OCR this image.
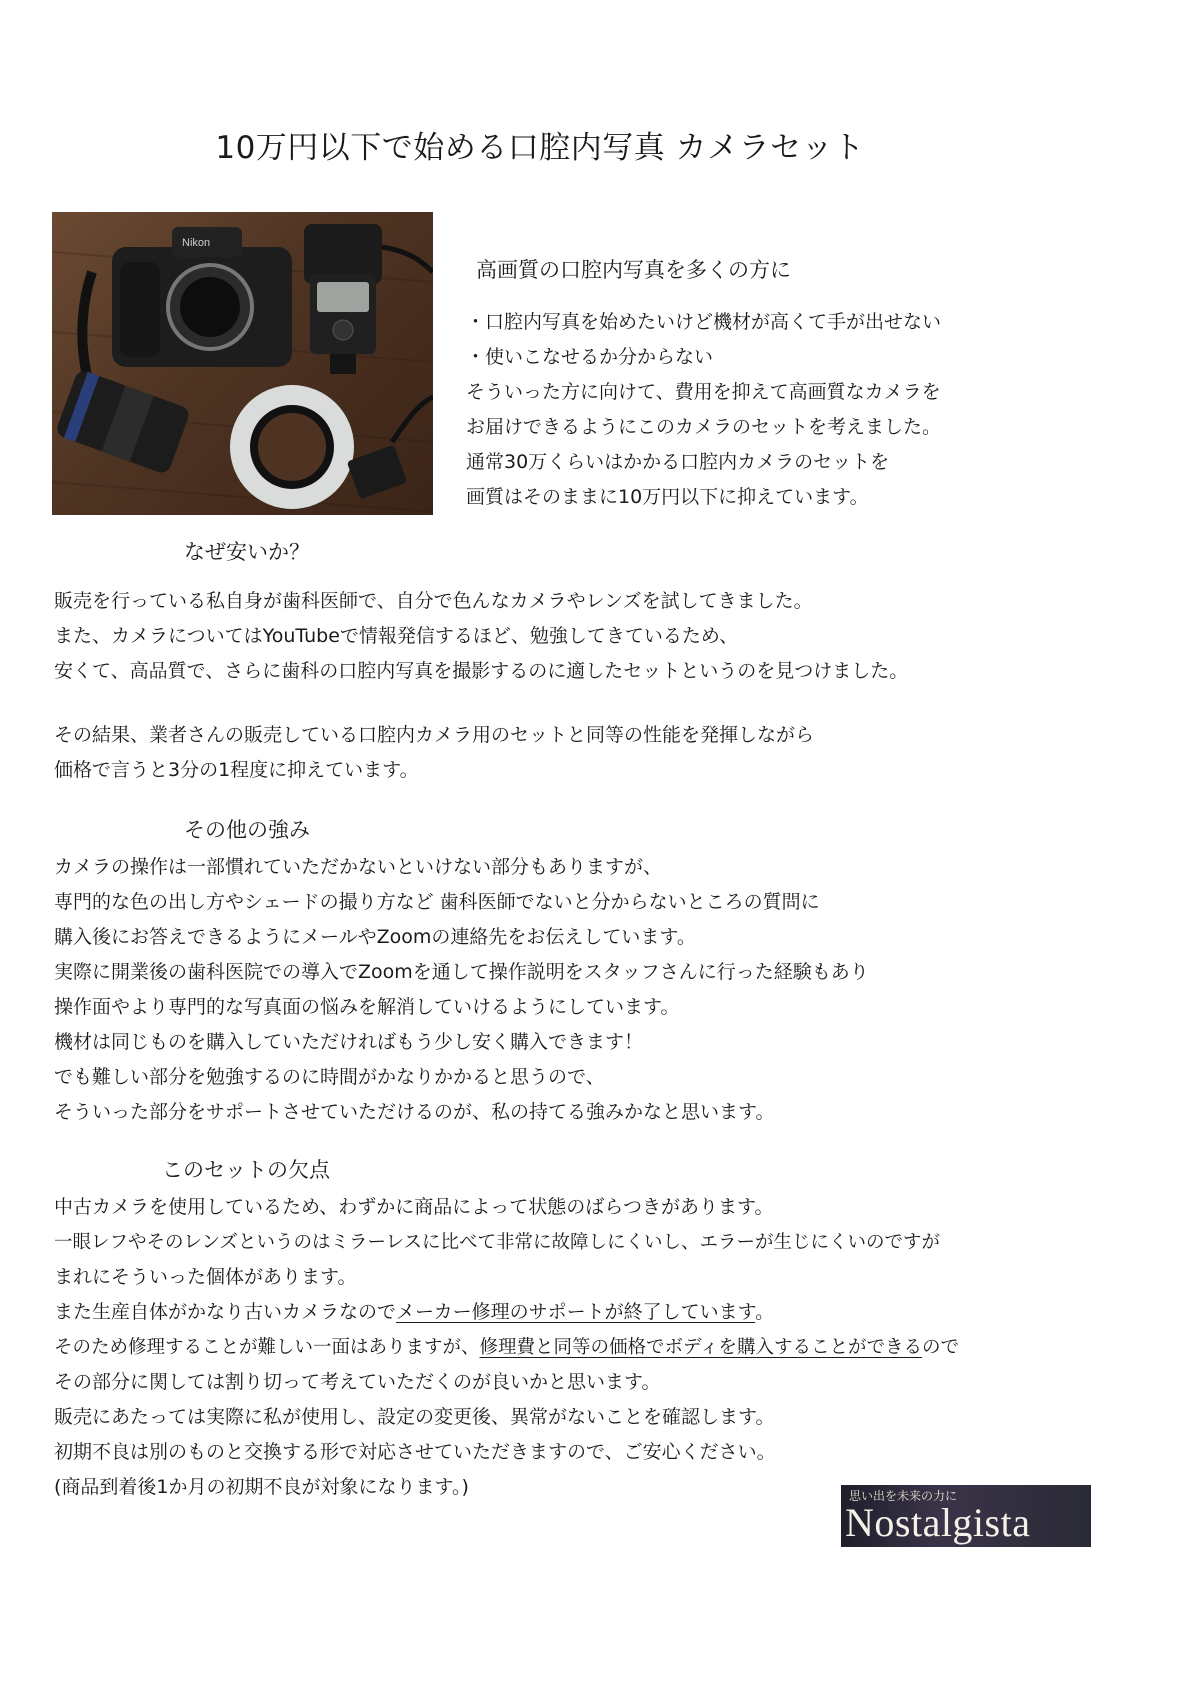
10万円以下で始める口腔内写真 カメラセット
Nikon
高画質の口腔内写真を多くの方に
・口腔内写真を始めたいけど機材が高くて手が出せない
・使いこなせるか分からない
そういった方に向けて、費用を抑えて高画質なカメラを
お届けできるようにこのカメラのセットを考えました。
通常30万くらいはかかる口腔内カメラのセットを
画質はそのままに10万円以下に抑えています。
なぜ安いか？
販売を行っている私自身が歯科医師で、自分で色んなカメラやレンズを試してきました。
また、カメラについてはYouTubeで情報発信するほど、勉強してきているため、
安くて、高品質で、さらに歯科の口腔内写真を撮影するのに適したセットというのを見つけました。
その結果、業者さんの販売している口腔内カメラ用のセットと同等の性能を発揮しながら
価格で言うと3分の1程度に抑えています。
その他の強み
カメラの操作は一部慣れていただかないといけない部分もありますが、
専門的な色の出し方やシェードの撮り方など 歯科医師でないと分からないところの質問に
購入後にお答えできるようにメールやZoomの連絡先をお伝えしています。
実際に開業後の歯科医院での導入でZoomを通して操作説明をスタッフさんに行った経験もあり
操作面やより専門的な写真面の悩みを解消していけるようにしています。
機材は同じものを購入していただければもう少し安く購入できます！
でも難しい部分を勉強するのに時間がかなりかかると思うので、
そういった部分をサポートさせていただけるのが、私の持てる強みかなと思います。
このセットの欠点
中古カメラを使用しているため、わずかに商品によって状態のばらつきがあります。
一眼レフやそのレンズというのはミラーレスに比べて非常に故障しにくいし、エラーが生じにくいのですが
まれにそういった個体があります。
また生産自体がかなり古いカメラなのでメーカー修理のサポートが終了しています。
そのため修理することが難しい一面はありますが、修理費と同等の価格でボディを購入することができるので
その部分に関しては割り切って考えていただくのが良いかと思います。
販売にあたっては実際に私が使用し、設定の変更後、異常がないことを確認します。
初期不良は別のものと交換する形で対応させていただきますので、ご安心ください。
(商品到着後1か月の初期不良が対象になります。)	思い出を未来の力に
Nostalgista
